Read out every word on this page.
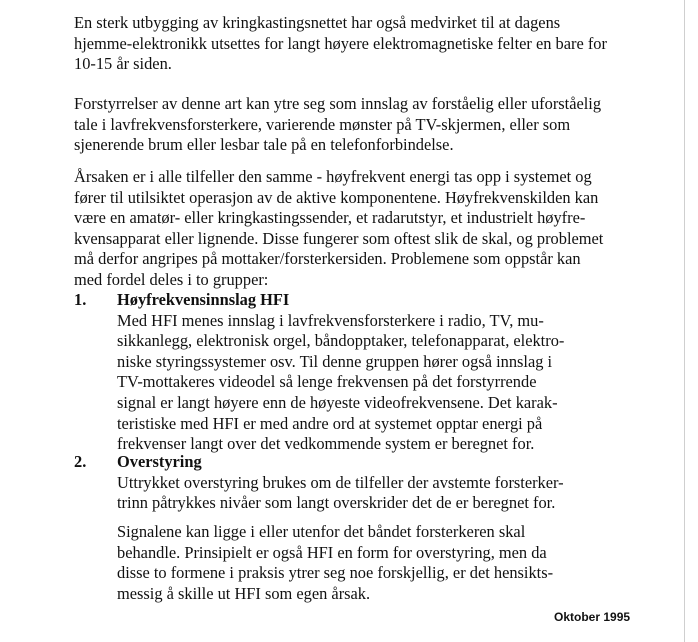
En sterk utbygging av kringkastingsnettet har også medvirket til at dagens
hjemme-elektronikk utsettes for langt høyere elektromagnetiske felter en bare for
10-15 år siden.
Forstyrrelser av denne art kan ytre seg som innslag av forståelig eller uforståelig
tale i lavfrekvensforsterkere, varierende mønster på TV-skjermen, eller som
sjenerende brum eller lesbar tale på en telefonforbindelse.
Årsaken er i alle tilfeller den samme - høyfrekvent energi tas opp i systemet og
fører til utilsiktet operasjon av de aktive komponentene. Høyfrekvenskilden kan
være en amatør- eller kringkastingssender, et radarutstyr, et industrielt høyfre-
kvensapparat eller lignende. Disse fungerer som oftest slik de skal, og problemet
må derfor angripes på mottaker/forsterkersiden. Problemene som oppstår kan
med fordel deles i to grupper:
1. Høyfrekvensinnslag HFI
Med HFI menes innslag i lavfrekvensforsterkere i radio, TV, mu-
sikkanlegg, elektronisk orgel, båndopptaker, telefonapparat, elektro-
niske styringssystemer osv. Til denne gruppen hører også innslag i
TV-mottakeres videodel så lenge frekvensen på det forstyrrende
signal er langt høyere enn de høyeste videofrekvensene. Det karak-
teristiske med HFI er med andre ord at systemet opptar energi på
frekvenser langt over det vedkommende system er beregnet for.
2. Overstyring
Uttrykket overstyring brukes om de tilfeller der avstemte forsterker-
trinn påtrykkes nivåer som langt overskrider det de er beregnet for.
Signalene kan ligge i eller utenfor det båndet forsterkeren skal
behandle. Prinsipielt er også HFI en form for overstyring, men da
disse to formene i praksis ytrer seg noe forskjellig, er det hensikts-
messig å skille ut HFI som egen årsak.
Oktober 1995
